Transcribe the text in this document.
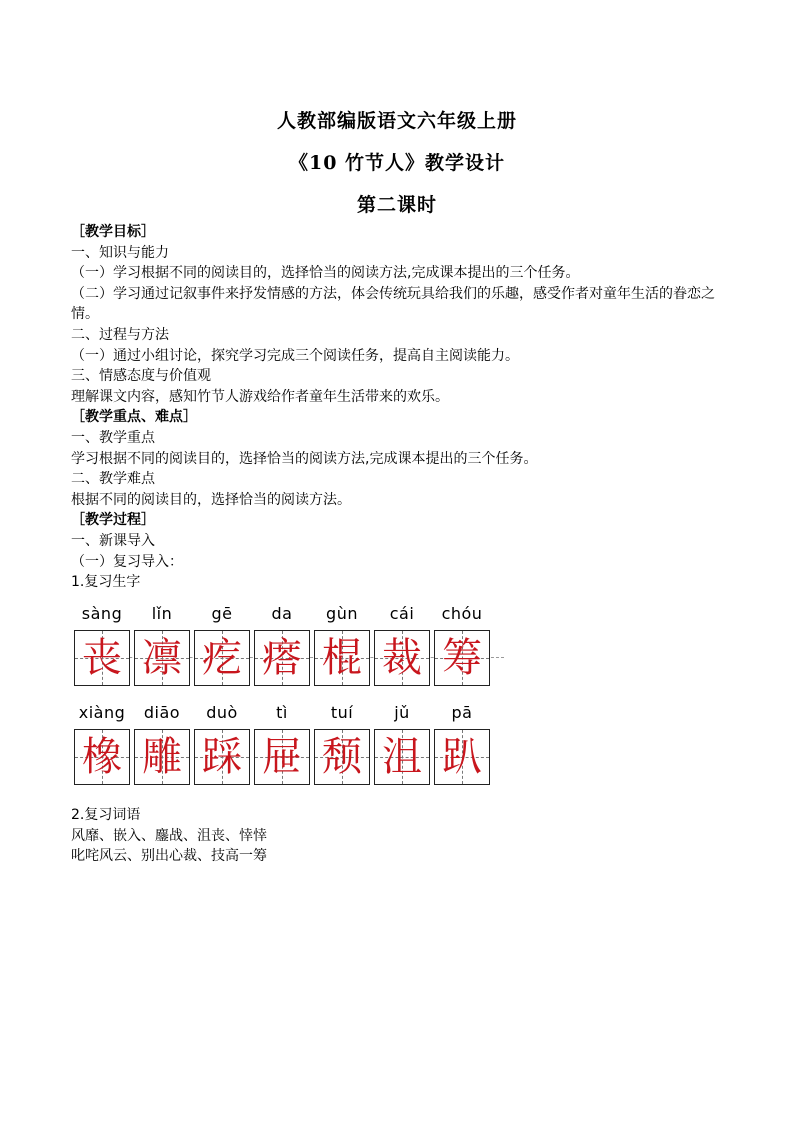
人教部编版语文六年级上册
《10 竹节人》教学设计
第二课时
［教学目标］
一、知识与能力
（一）学习根据不同的阅读目的，选择恰当的阅读方法,完成课本提出的三个任务。
（二）学习通过记叙事件来抒发情感的方法，体会传统玩具给我们的乐趣，感受作者对童年生活的眷恋之情。
二、过程与方法
（一）通过小组讨论，探究学习完成三个阅读任务，提高自主阅读能力。
三、情感态度与价值观
理解课文内容，感知竹节人游戏给作者童年生活带来的欢乐。
［教学重点、难点］
一、教学重点
学习根据不同的阅读目的，选择恰当的阅读方法,完成课本提出的三个任务。
二、教学难点
根据不同的阅读目的，选择恰当的阅读方法。
［教学过程］
一、新课导入
（一）复习导入：
1.复习生字
sàng
丧
lǐn
凛
gē
疙
da
瘩
gùn
棍
cái
裁
chóu
筹
xiàng
橡
diāo
雕
duò
踩
tì
屉
tuí
颓
jǔ
沮
pā
趴
2.复习词语
风靡、嵌入、鏖战、沮丧、悻悻
叱咤风云、别出心裁、技高一筹
